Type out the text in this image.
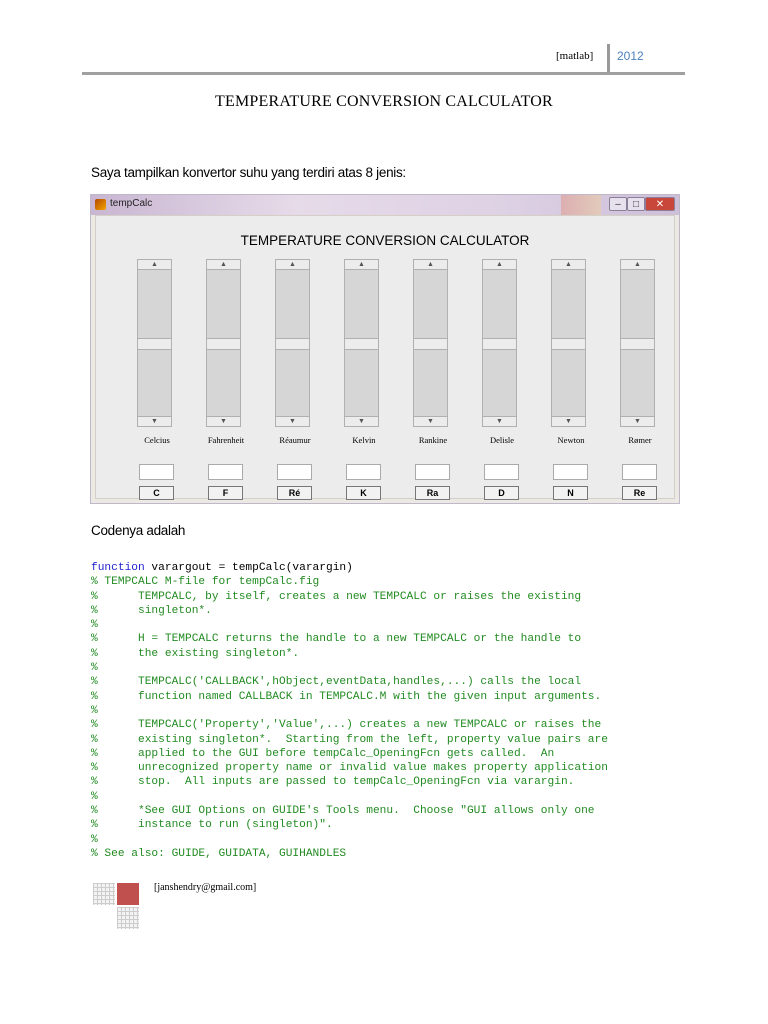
[matlab] 2012
TEMPERATURE CONVERSION CALCULATOR
Saya tampilkan konvertor suhu yang terdiri atas 8 jenis:
tempCalc	–	□	✕
TEMPERATURE CONVERSION CALCULATOR
▲
▼
Celcius
C
▲
▼
Fahrenheit
F
▲
▼
Réaumur
Ré
▲
▼
Kelvin
K
▲
▼
Rankine
Ra
▲
▼
Delisle
D
▲
▼
Newton
N
▲
▼
Rømer
Re
Codenya adalah
function varargout = tempCalc(varargin)
% TEMPCALC M-file for tempCalc.fig
%      TEMPCALC, by itself, creates a new TEMPCALC or raises the existing
%      singleton*.
%
%      H = TEMPCALC returns the handle to a new TEMPCALC or the handle to
%      the existing singleton*.
%
%      TEMPCALC('CALLBACK',hObject,eventData,handles,...) calls the local
%      function named CALLBACK in TEMPCALC.M with the given input arguments.
%
%      TEMPCALC('Property','Value',...) creates a new TEMPCALC or raises the
%      existing singleton*.  Starting from the left, property value pairs are
%      applied to the GUI before tempCalc_OpeningFcn gets called.  An
%      unrecognized property name or invalid value makes property application
%      stop.  All inputs are passed to tempCalc_OpeningFcn via varargin.
%
%      *See GUI Options on GUIDE's Tools menu.  Choose "GUI allows only one
%      instance to run (singleton)".
%
% See also: GUIDE, GUIDATA, GUIHANDLES
[janshendry@gmail.com]
